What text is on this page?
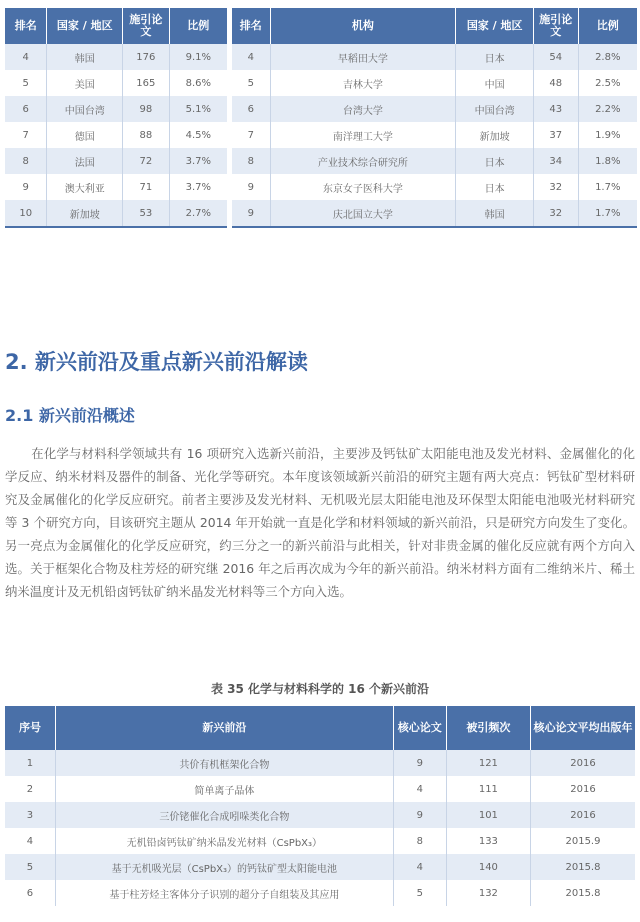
排名	国家 / 地区	施引论文	比例
4	韩国	176	9.1%
5	美国	165	8.6%
6	中国台湾	98	5.1%
7	德国	88	4.5%
8	法国	72	3.7%
9	澳大利亚	71	3.7%
10	新加坡	53	2.7%
排名	机构	国家 / 地区	施引论文	比例
4	早稻田大学	日本	54	2.8%
5	吉林大学	中国	48	2.5%
6	台湾大学	中国台湾	43	2.2%
7	南洋理工大学	新加坡	37	1.9%
8	产业技术综合研究所	日本	34	1.8%
9	东京女子医科大学	日本	32	1.7%
9	庆北国立大学	韩国	32	1.7%
2. 新兴前沿及重点新兴前沿解读
2.1 新兴前沿概述

在化学与材料科学领域共有 16 项研究入选新兴前沿，主要涉及钙钛矿太阳能电池及发光材料、金属催化的化学反应、纳米材料及器件的制备、光化学等研究。本年度该领域新兴前沿的研究主题有两大亮点：钙钛矿型材料研究及金属催化的化学反应研究。前者主要涉及发光材料、无机吸光层太阳能电池及环保型太阳能电池吸光材料研究等 3 个研究方向，目该研究主题从 2014 年开始就一直是化学和材料领域的新兴前沿，只是研究方向发生了变化。另一亮点为金属催化的化学反应研究，约三分之一的新兴前沿与此相关，针对非贵金属的催化反应就有两个方向入选。关于框架化合物及柱芳烃的研究继 2016 年之后再次成为今年的新兴前沿。纳米材料方面有二维纳米片、稀土纳米温度计及无机铅卤钙钛矿纳米晶发光材料等三个方向入选。

表 35 化学与材料科学的 16 个新兴前沿
序号	新兴前沿	核心论文	被引频次	核心论文平均出版年
1	共价有机框架化合物	9	121	2016
2	简单离子晶体	4	111	2016
3	三价铑催化合成吲哚类化合物	9	101	2016
4	无机铅卤钙钛矿纳米晶发光材料（CsPbX₃）	8	133	2015.9
5	基于无机吸光层（CsPbX₃）的钙钛矿型太阳能电池	4	140	2015.8
6	基于柱芳烃主客体分子识别的超分子自组装及其应用	5	132	2015.8
